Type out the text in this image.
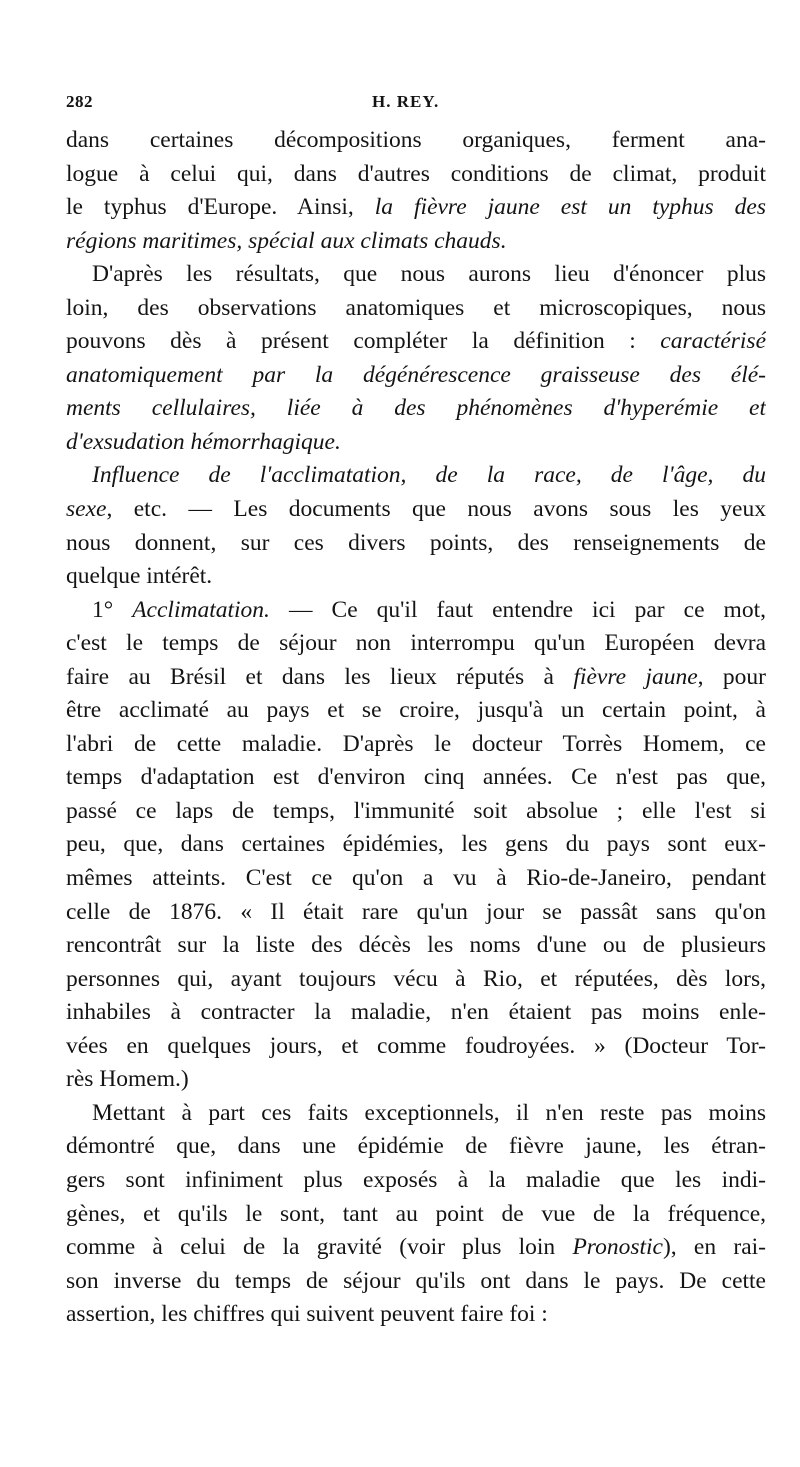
282	H. REY.
dans certaines décompositions organiques, ferment ana-
logue à celui qui, dans d'autres conditions de climat, produit
le typhus d'Europe. Ainsi, la fièvre jaune est un typhus des
régions maritimes, spécial aux climats chauds.
D'après les résultats, que nous aurons lieu d'énoncer plus
loin, des observations anatomiques et microscopiques, nous
pouvons dès à présent compléter la définition : caractérisé
anatomiquement par la dégénérescence graisseuse des élé-
ments cellulaires, liée à des phénomènes d'hyperémie et
d'exsudation hémorrhagique.
Influence de l'acclimatation, de la race, de l'âge, du
sexe, etc. — Les documents que nous avons sous les yeux
nous donnent, sur ces divers points, des renseignements de
quelque intérêt.
1° Acclimatation. — Ce qu'il faut entendre ici par ce mot,
c'est le temps de séjour non interrompu qu'un Européen devra
faire au Brésil et dans les lieux réputés à fièvre jaune, pour
être acclimaté au pays et se croire, jusqu'à un certain point, à
l'abri de cette maladie. D'après le docteur Torrès Homem, ce
temps d'adaptation est d'environ cinq années. Ce n'est pas que,
passé ce laps de temps, l'immunité soit absolue ; elle l'est si
peu, que, dans certaines épidémies, les gens du pays sont eux-
mêmes atteints. C'est ce qu'on a vu à Rio-de-Janeiro, pendant
celle de 1876. « Il était rare qu'un jour se passât sans qu'on
rencontrât sur la liste des décès les noms d'une ou de plusieurs
personnes qui, ayant toujours vécu à Rio, et réputées, dès lors,
inhabiles à contracter la maladie, n'en étaient pas moins enle-
vées en quelques jours, et comme foudroyées. » (Docteur Tor-
rès Homem.)
Mettant à part ces faits exceptionnels, il n'en reste pas moins
démontré que, dans une épidémie de fièvre jaune, les étran-
gers sont infiniment plus exposés à la maladie que les indi-
gènes, et qu'ils le sont, tant au point de vue de la fréquence,
comme à celui de la gravité (voir plus loin Pronostic), en rai-
son inverse du temps de séjour qu'ils ont dans le pays. De cette
assertion, les chiffres qui suivent peuvent faire foi :
